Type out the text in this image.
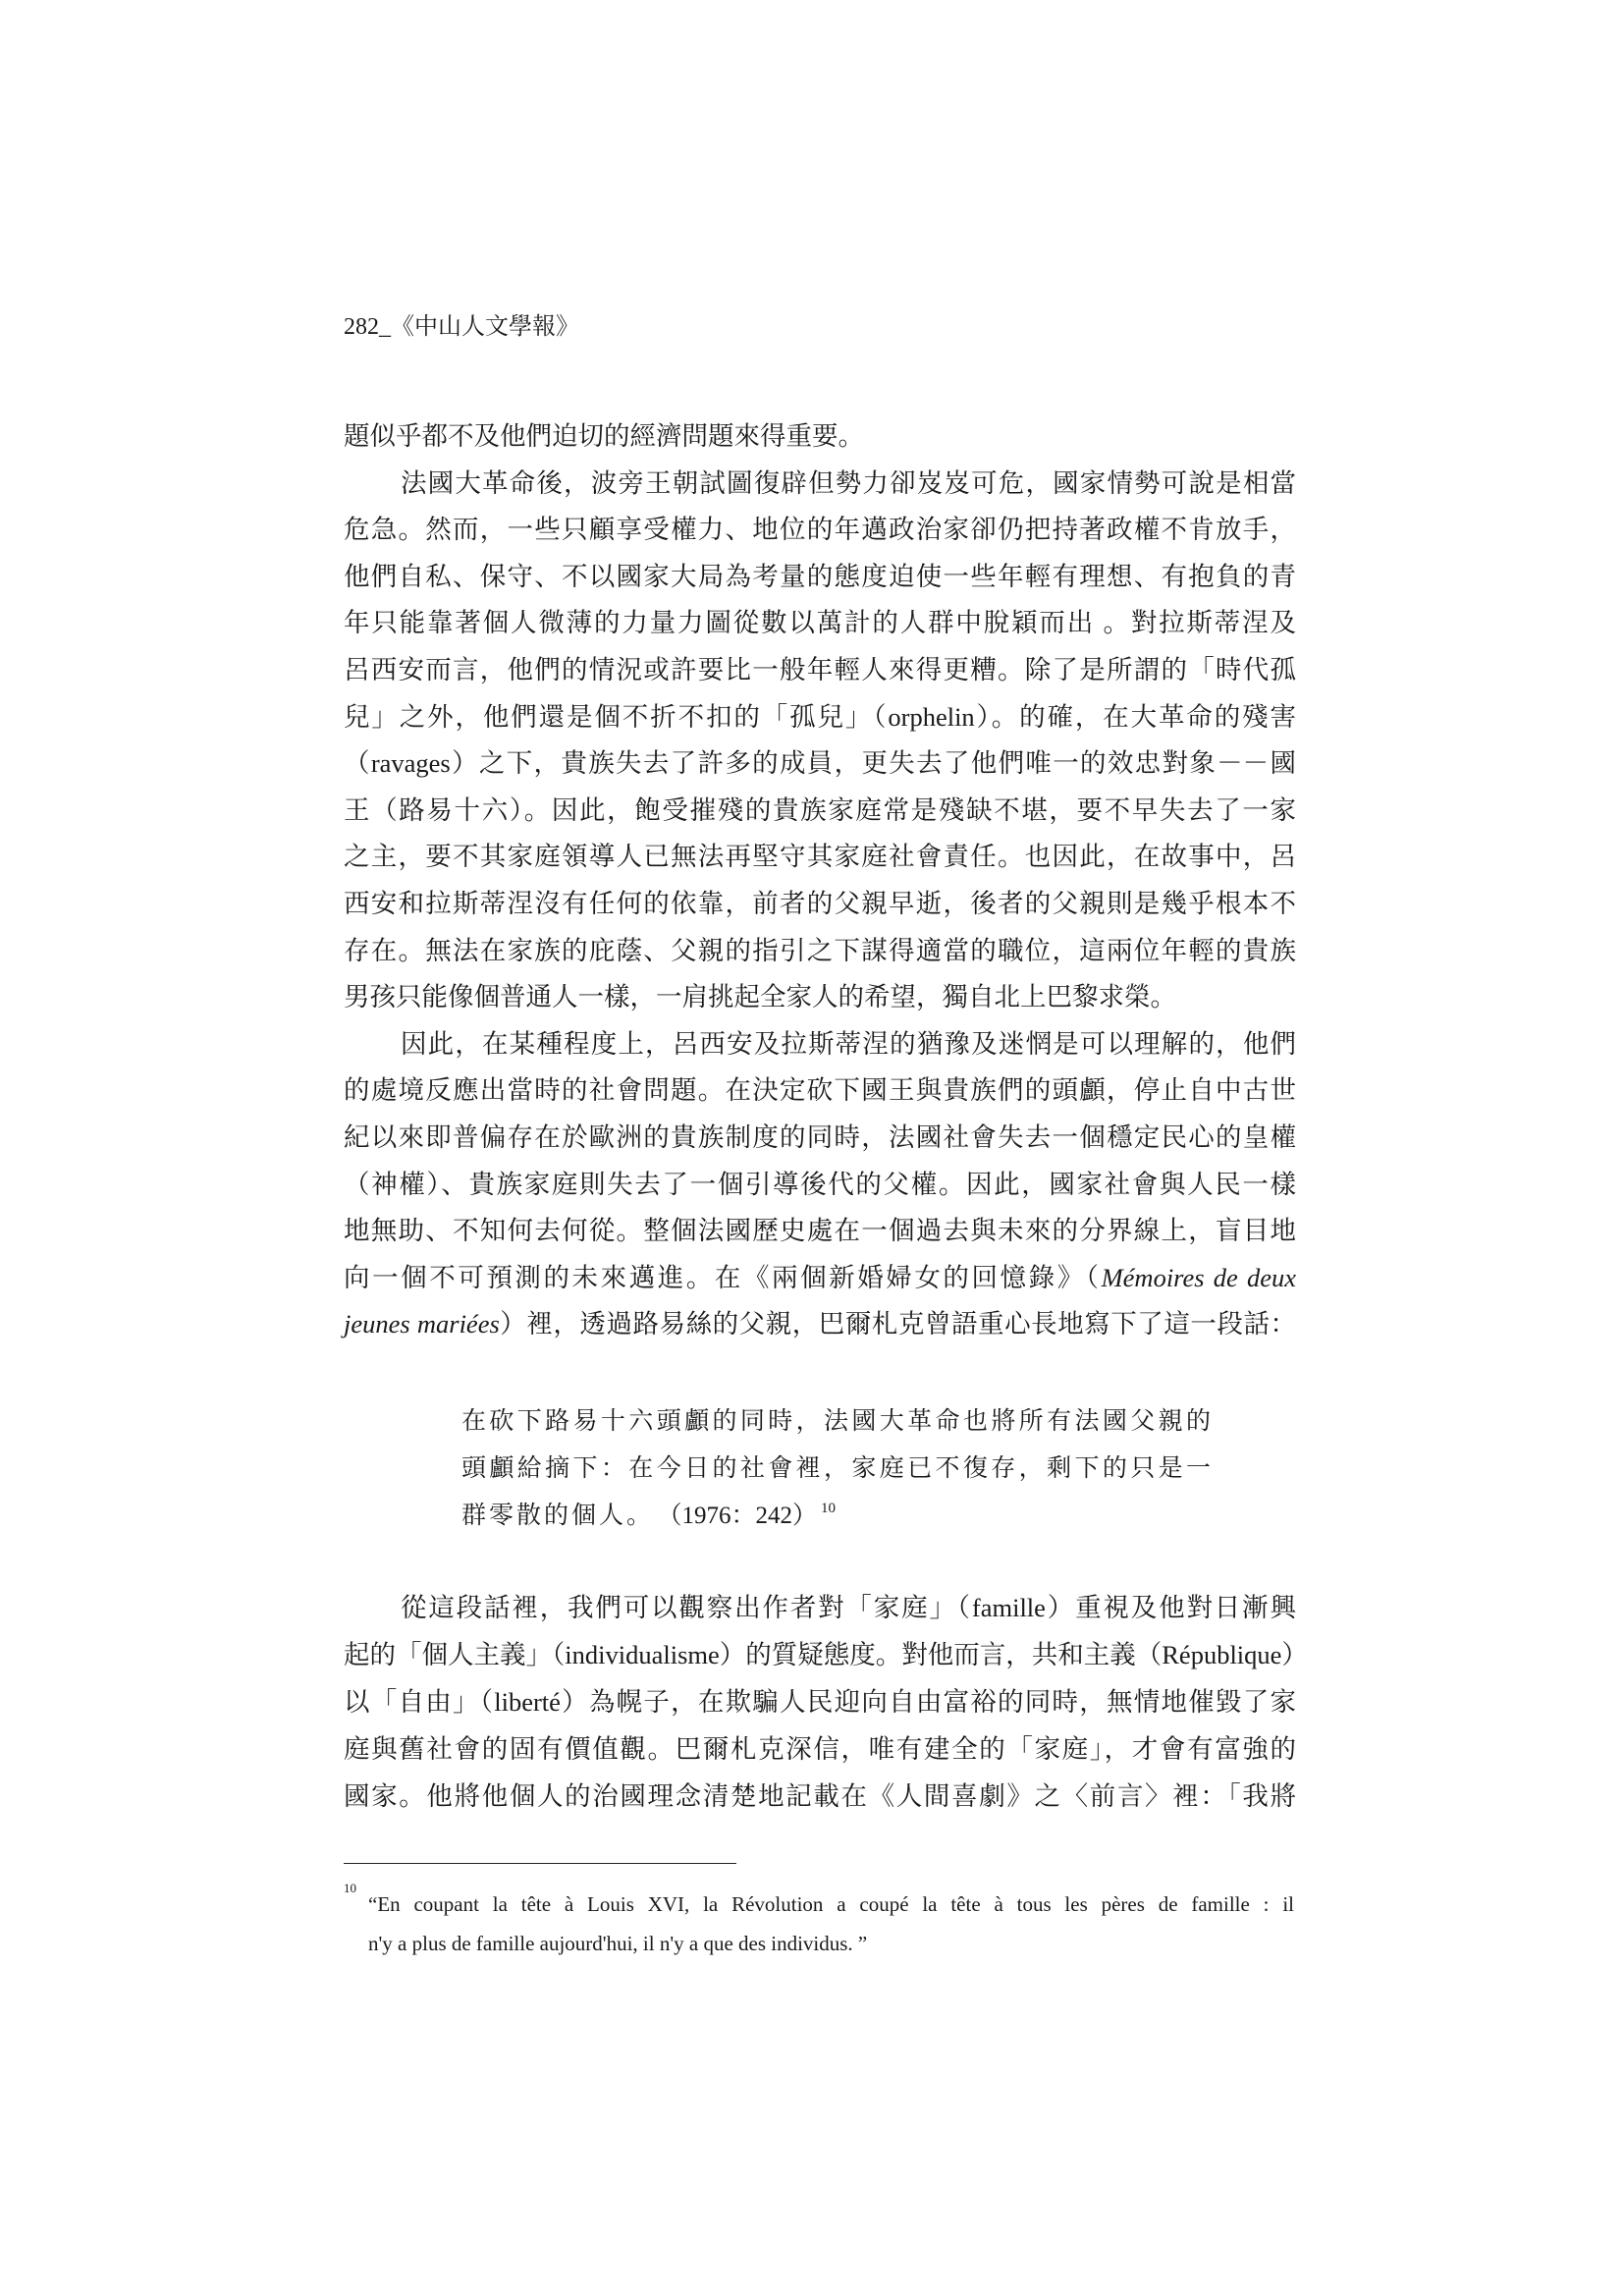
282_《中山人文學報》
題似乎都不及他們迫切的經濟問題來得重要。
法國大革命後，波旁王朝試圖復辟但勢力卻岌岌可危，國家情勢可說是相當
危急。然而，一些只顧享受權力、地位的年邁政治家卻仍把持著政權不肯放手，
他們自私、保守、不以國家大局為考量的態度迫使一些年輕有理想、有抱負的青
年只能靠著個人微薄的力量力圖從數以萬計的人群中脫穎而出 。對拉斯蒂涅及
呂西安而言，他們的情況或許要比一般年輕人來得更糟。除了是所謂的「時代孤
兒」之外，他們還是個不折不扣的「孤兒」（orphelin）。的確，在大革命的殘害
（ravages）之下，貴族失去了許多的成員，更失去了他們唯一的效忠對象－－國
王（路易十六）。因此，飽受摧殘的貴族家庭常是殘缺不堪，要不早失去了一家
之主，要不其家庭領導人已無法再堅守其家庭社會責任。也因此，在故事中，呂
西安和拉斯蒂涅沒有任何的依靠，前者的父親早逝，後者的父親則是幾乎根本不
存在。無法在家族的庇蔭、父親的指引之下謀得適當的職位，這兩位年輕的貴族
男孩只能像個普通人一樣，一肩挑起全家人的希望，獨自北上巴黎求榮。
因此，在某種程度上，呂西安及拉斯蒂涅的猶豫及迷惘是可以理解的，他們
的處境反應出當時的社會問題。在決定砍下國王與貴族們的頭顱，停止自中古世
紀以來即普偏存在於歐洲的貴族制度的同時，法國社會失去一個穩定民心的皇權
（神權）、貴族家庭則失去了一個引導後代的父權。因此，國家社會與人民一樣
地無助、不知何去何從。整個法國歷史處在一個過去與未來的分界線上，盲目地
向一個不可預測的未來邁進。在《兩個新婚婦女的回憶錄》（Mémoires de deux
jeunes mariées）裡，透過路易絲的父親，巴爾札克曾語重心長地寫下了這一段話：
在砍下路易十六頭顱的同時，法國大革命也將所有法國父親的
頭顱給摘下：在今日的社會裡，家庭已不復存，剩下的只是一
群零散的個人。 （1976：242） $^{10}$
從這段話裡，我們可以觀察出作者對「家庭」（famille）重視及他對日漸興
起的「個人主義」（individualisme）的質疑態度。對他而言，共和主義（République）
以「自由」（liberté）為幌子，在欺騙人民迎向自由富裕的同時，無情地催毀了家
庭與舊社會的固有價值觀。巴爾札克深信，唯有建全的「家庭」，才會有富強的
國家。他將他個人的治國理念清楚地記載在《人間喜劇》之〈前言〉裡：「我將
10
“En coupant la tête à Louis XVI, la Révolution a coupé la tête à tous les pères de famille : il
n'y a plus de famille aujourd'hui, il n'y a que des individus. ”
